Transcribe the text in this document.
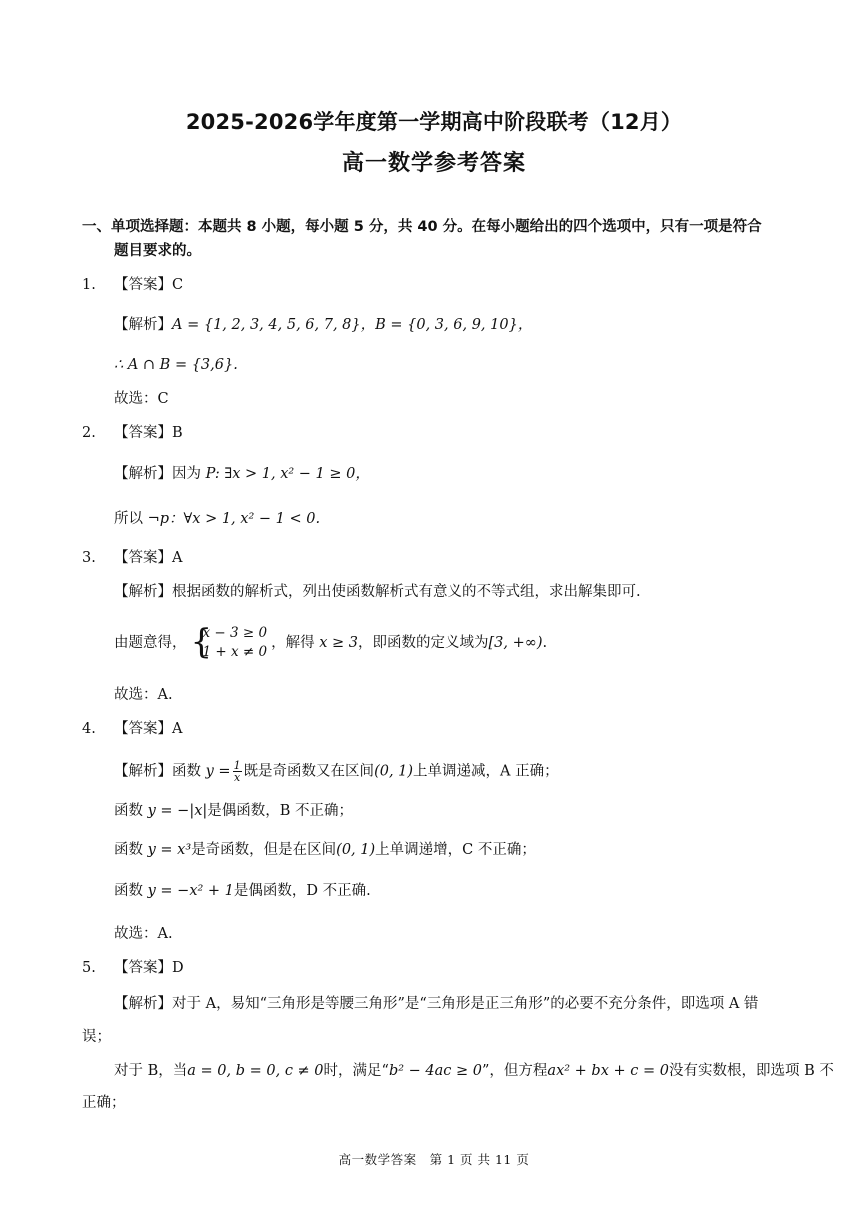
2025-2026学年度第一学期高中阶段联考（12月）
高一数学参考答案
一、单项选择题：本题共 8 小题，每小题 5 分，共 40 分。在每小题给出的四个选项中，只有一项是符合
题目要求的。
1. 【答案】C
【解析】A = {1, 2, 3, 4, 5, 6, 7, 8}，B = {0, 3, 6, 9, 10}，
∴ A ∩ B = {3,6}.
故选：C
2. 【答案】B
【解析】因为 P: ∃x > 1, x² − 1 ≥ 0，
所以 ¬p：∀x > 1, x² − 1 < 0.
3. 【答案】A
【解析】根据函数的解析式，列出使函数解析式有意义的不等式组，求出解集即可.
由题意得， {
x − 3 ≥ 0
1 + x ≠ 0
，解得 x ≥ 3，即函数的定义域为[3, +∞).
故选：A.
4. 【答案】A
【解析】函数 $y = \frac{1}{x}$ 既是奇函数又在区间(0, 1)上单调递减，A 正确；
函数 y = −|x|是偶函数，B 不正确；
函数 y = x³是奇函数，但是在区间(0, 1)上单调递增，C 不正确；
函数 y = −x² + 1是偶函数，D 不正确.
故选：A.
5. 【答案】D
【解析】对于 A，易知“三角形是等腰三角形”是“三角形是正三角形”的必要不充分条件，即选项 A 错
误；
对于 B，当a = 0, b = 0, c ≠ 0时，满足“b² − 4ac ≥ 0”，但方程ax² + bx + c = 0没有实数根，即选项 B 不
正确；
高一数学答案　第 1 页 共 11 页
